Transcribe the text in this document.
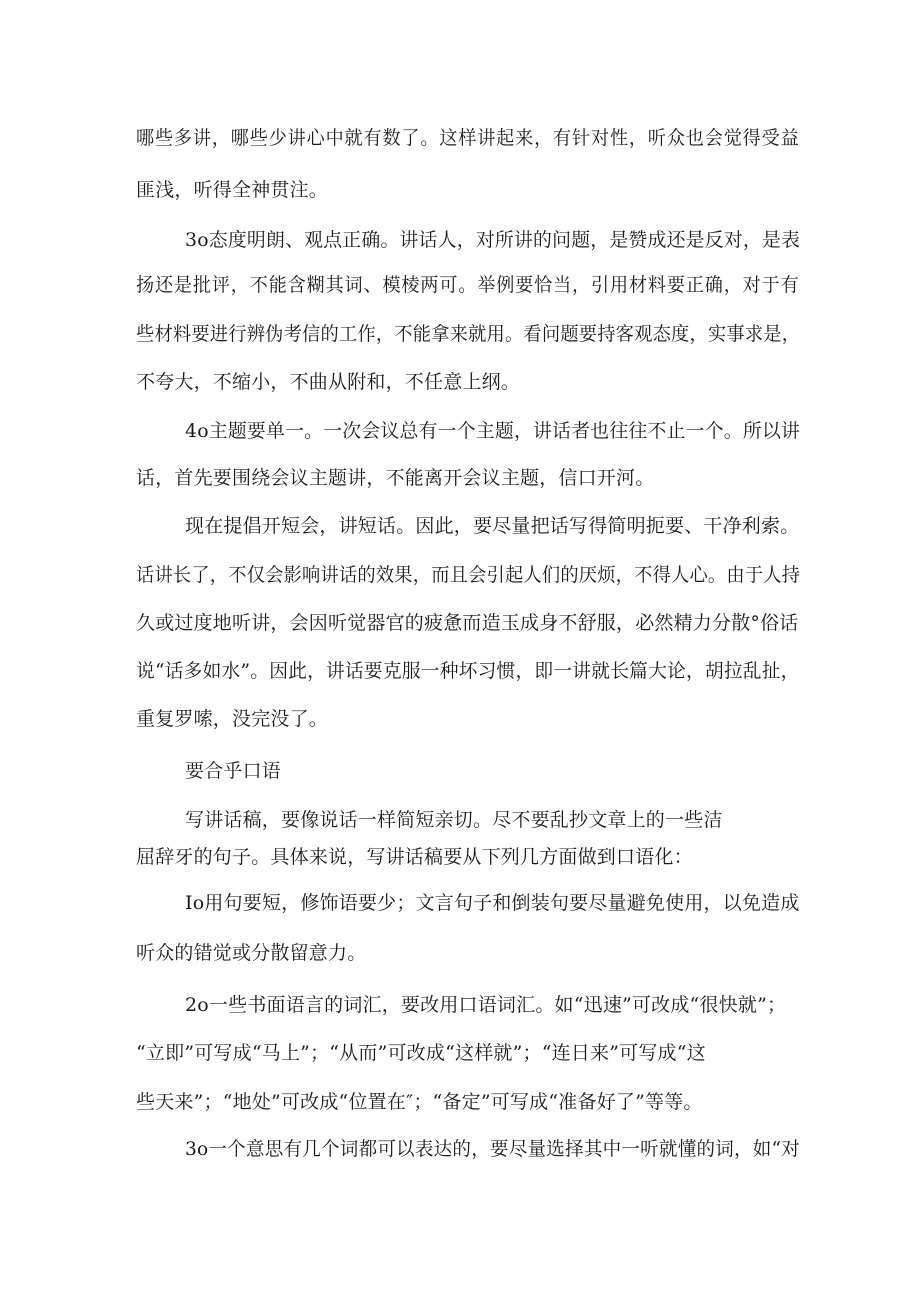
哪些多讲，哪些少讲心中就有数了。这样讲起来，有针对性，听众也会觉得受益
匪浅，听得全神贯注。
3o态度明朗、观点正确。讲话人，对所讲的问题，是赞成还是反对，是表
扬还是批评，不能含糊其词、模棱两可。举例要恰当，引用材料要正确，对于有
些材料要进行辨伪考信的工作，不能拿来就用。看问题要持客观态度，实事求是，
不夸大，不缩小，不曲从附和，不任意上纲。
4o主题要单一。一次会议总有一个主题，讲话者也往往不止一个。所以讲
话，首先要围绕会议主题讲，不能离开会议主题，信口开河。
现在提倡开短会，讲短话。因此，要尽量把话写得简明扼要、干净利索。
话讲长了，不仅会影响讲话的效果，而且会引起人们的厌烦，不得人心。由于人持
久或过度地听讲，会因听觉器官的疲惫而造玉成身不舒服，必然精力分散°俗话
说“话多如水”。因此，讲话要克服一种坏习惯，即一讲就长篇大论，胡拉乱扯，
重复罗嗦，没完没了。
要合乎口语
写讲话稿，要像说话一样简短亲切。尽不要乱抄文章上的一些洁
屈辞牙的句子。具体来说，写讲话稿要从下列几方面做到口语化：
Io用句要短，修饰语要少；文言句子和倒装句要尽量避免使用，以免造成
听众的错觉或分散留意力。
2o一些书面语言的词汇，要改用口语词汇。如“迅速”可改成“很快就”；
“立即”可写成“马上”；“从而”可改成“这样就”；“连日来”可写成“这
些天来”；“地处”可改成“位置在″；“备定”可写成“准备好了”等等。
3o一个意思有几个词都可以表达的，要尽量选择其中一听就懂的词，如“对
